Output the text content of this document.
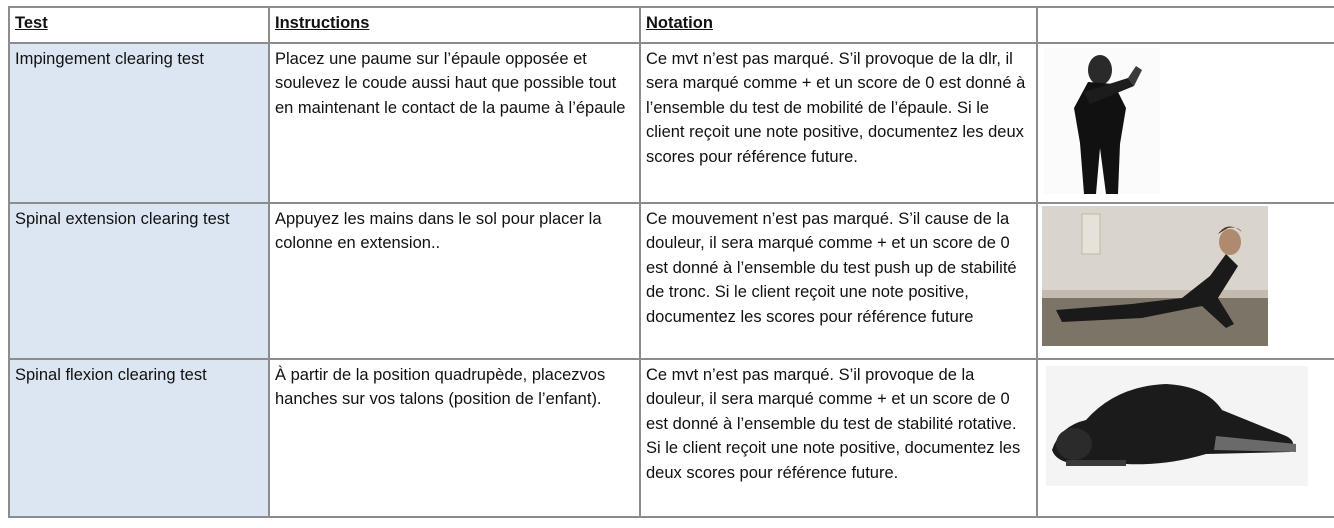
Test	Instructions	Notation	
Impingement clearing test	Placez une paume sur l’épaule opposée et soulevez le coude aussi haut que possible tout en maintenant le contact de la paume à l’épaule	Ce mvt n’est pas marqué. S’il provoque de la dlr, il sera marqué comme + et un score de 0 est donné à l’ensemble du test de mobilité de l’épaule. Si le client reçoit une note positive, documentez les deux scores pour référence future.	

Spinal extension clearing test	Appuyez les mains dans le sol pour placer la colonne en extension..	Ce mouvement n’est pas marqué. S’il cause de la douleur, il sera marqué comme + et un score de 0 est donné à l’ensemble du test push up de stabilité de tronc. Si le client reçoit une note positive, documentez les scores pour référence future	

Spinal flexion clearing test	À partir de la position quadrupède, placezvos hanches sur vos talons (position de l’enfant).	Ce mvt n’est pas marqué. S’il provoque de la douleur, il sera marqué comme + et un score de 0 est donné à l’ensemble du test de stabilité rotative. Si le client reçoit une note positive, documentez les deux scores pour référence future.	
